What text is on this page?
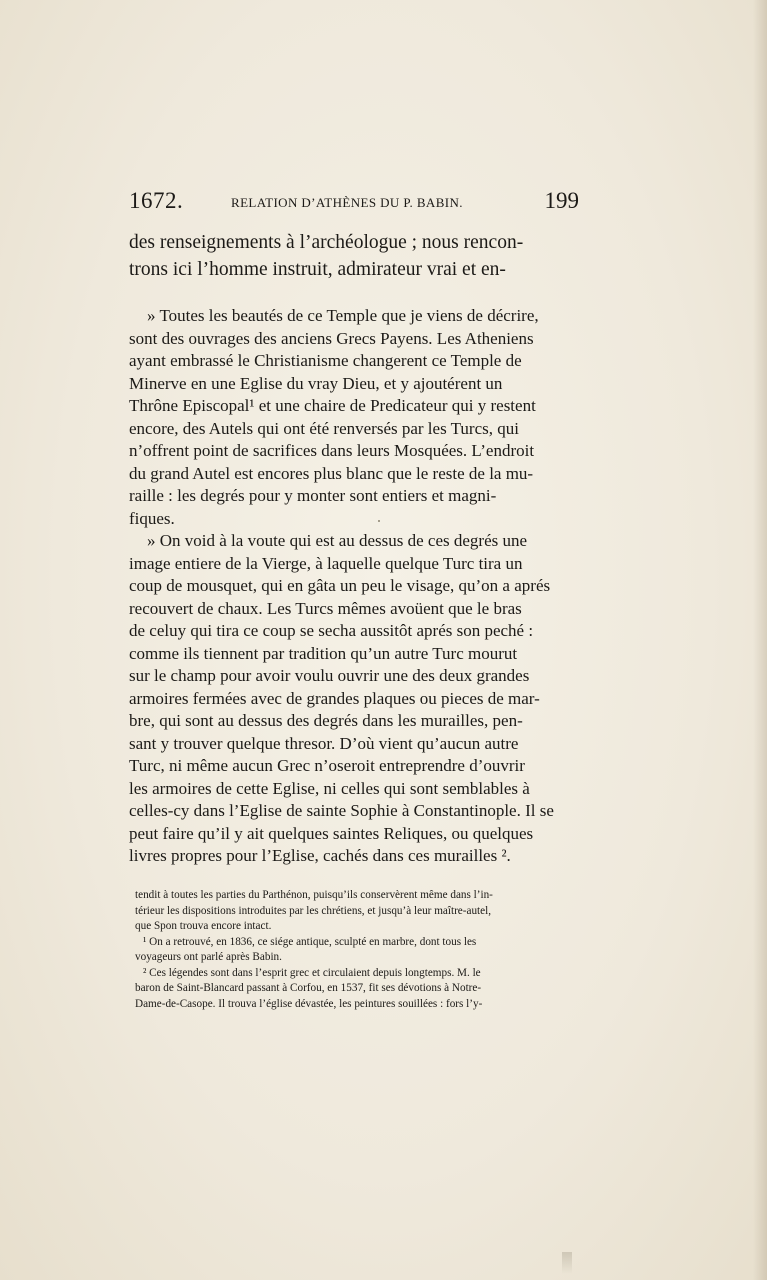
1672.	RELATION D’ATHÈNES DU P. BABIN.	199
des renseignements à l’archéologue ; nous rencon-
trons ici l’homme instruit, admirateur vrai et en-
» Toutes les beautés de ce Temple que je viens de décrire,
sont des ouvrages des anciens Grecs Payens. Les Atheniens
ayant embrassé le Christianisme changerent ce Temple de
Minerve en une Eglise du vray Dieu, et y ajoutérent un
Thrône Episcopal¹ et une chaire de Predicateur qui y restent
encore, des Autels qui ont été renversés par les Turcs, qui
n’offrent point de sacrifices dans leurs Mosquées. L’endroit
du grand Autel est encores plus blanc que le reste de la mu-
raille : les degrés pour y monter sont entiers et magni-
fiques.
» On void à la voute qui est au dessus de ces degrés une
image entiere de la Vierge, à laquelle quelque Turc tira un
coup de mousquet, qui en gâta un peu le visage, qu’on a aprés
recouvert de chaux. Les Turcs mêmes avoüent que le bras
de celuy qui tira ce coup se secha aussitôt aprés son peché :
comme ils tiennent par tradition qu’un autre Turc mourut
sur le champ pour avoir voulu ouvrir une des deux grandes
armoires fermées avec de grandes plaques ou pieces de mar-
bre, qui sont au dessus des degrés dans les murailles, pen-
sant y trouver quelque thresor. D’où vient qu’aucun autre
Turc, ni même aucun Grec n’oseroit entreprendre d’ouvrir
les armoires de cette Eglise, ni celles qui sont semblables à
celles-cy dans l’Eglise de sainte Sophie à Constantinople. Il se
peut faire qu’il y ait quelques saintes Reliques, ou quelques
livres propres pour l’Eglise, cachés dans ces murailles ².
tendit à toutes les parties du Parthénon, puisqu’ils conservèrent même dans l’in-
térieur les dispositions introduites par les chrétiens, et jusqu’à leur maître-autel,
que Spon trouva encore intact.
¹ On a retrouvé, en 1836, ce siége antique, sculpté en marbre, dont tous les
voyageurs ont parlé après Babin.
² Ces légendes sont dans l’esprit grec et circulaient depuis longtemps. M. le
baron de Saint-Blancard passant à Corfou, en 1537, fit ses dévotions à Notre-
Dame-de-Casope. Il trouva l’église dévastée, les peintures souillées : fors l’y-
